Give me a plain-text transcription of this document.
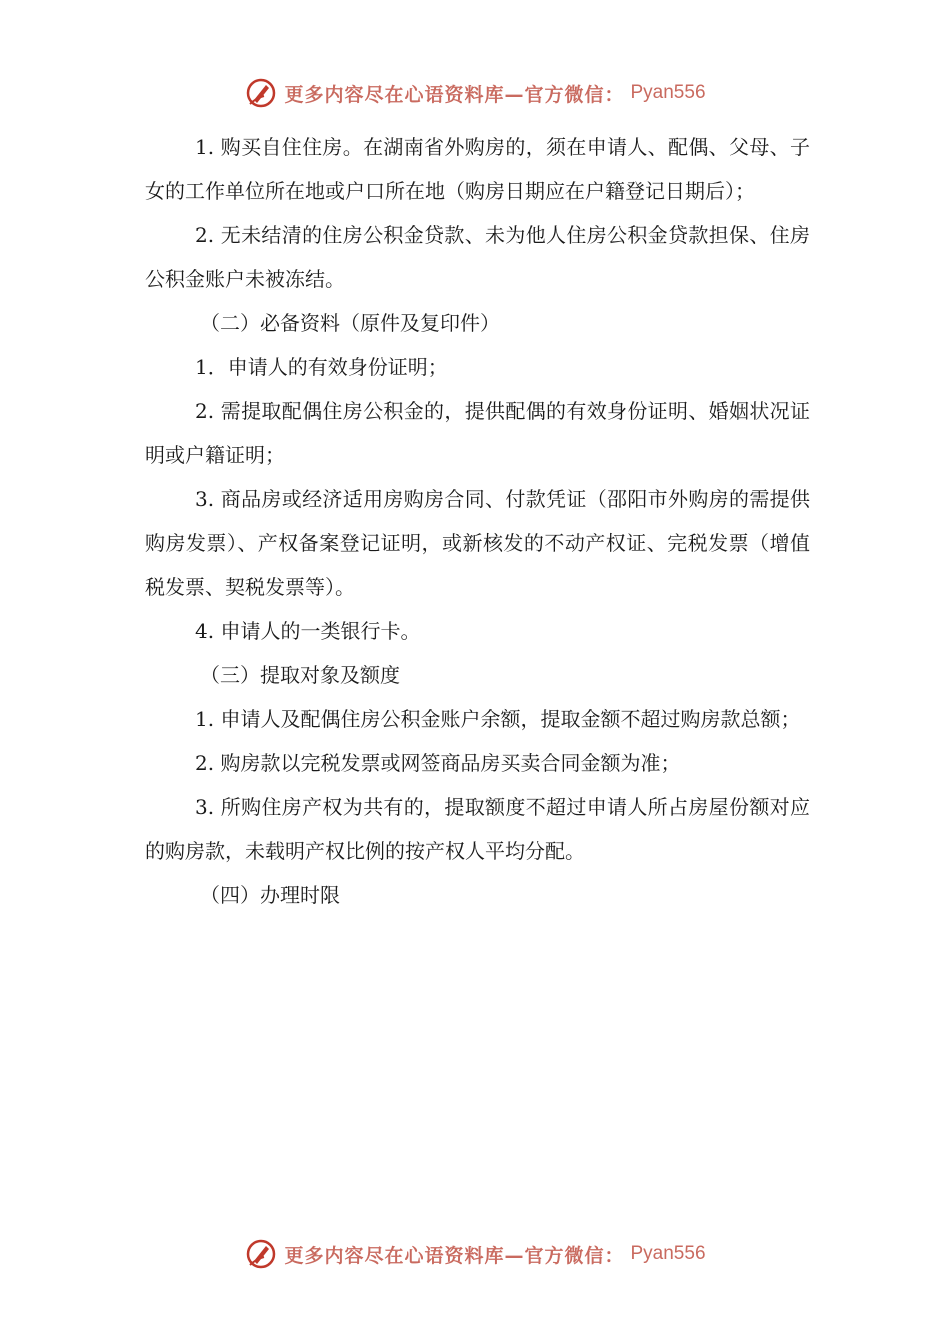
更多内容尽在心语资料库—官方微信： Pyan556

1. 购买自住住房。在湖南省外购房的，须在申请人、配偶、父母、子女的工作单位所在地或户口所在地（购房日期应在户籍登记日期后）；

2. 无未结清的住房公积金贷款、未为他人住房公积金贷款担保、住房公积金账户未被冻结。

（二）必备资料（原件及复印件）

1．申请人的有效身份证明；

2. 需提取配偶住房公积金的，提供配偶的有效身份证明、婚姻状况证明或户籍证明；

3. 商品房或经济适用房购房合同、付款凭证（邵阳市外购房的需提供购房发票）、产权备案登记证明，或新核发的不动产权证、完税发票（增值税发票、契税发票等）。

4. 申请人的一类银行卡。

（三）提取对象及额度

1. 申请人及配偶住房公积金账户余额，提取金额不超过购房款总额；

2. 购房款以完税发票或网签商品房买卖合同金额为准；

3. 所购住房产权为共有的，提取额度不超过申请人所占房屋份额对应的购房款，未载明产权比例的按产权人平均分配。

（四）办理时限

更多内容尽在心语资料库—官方微信： Pyan556
